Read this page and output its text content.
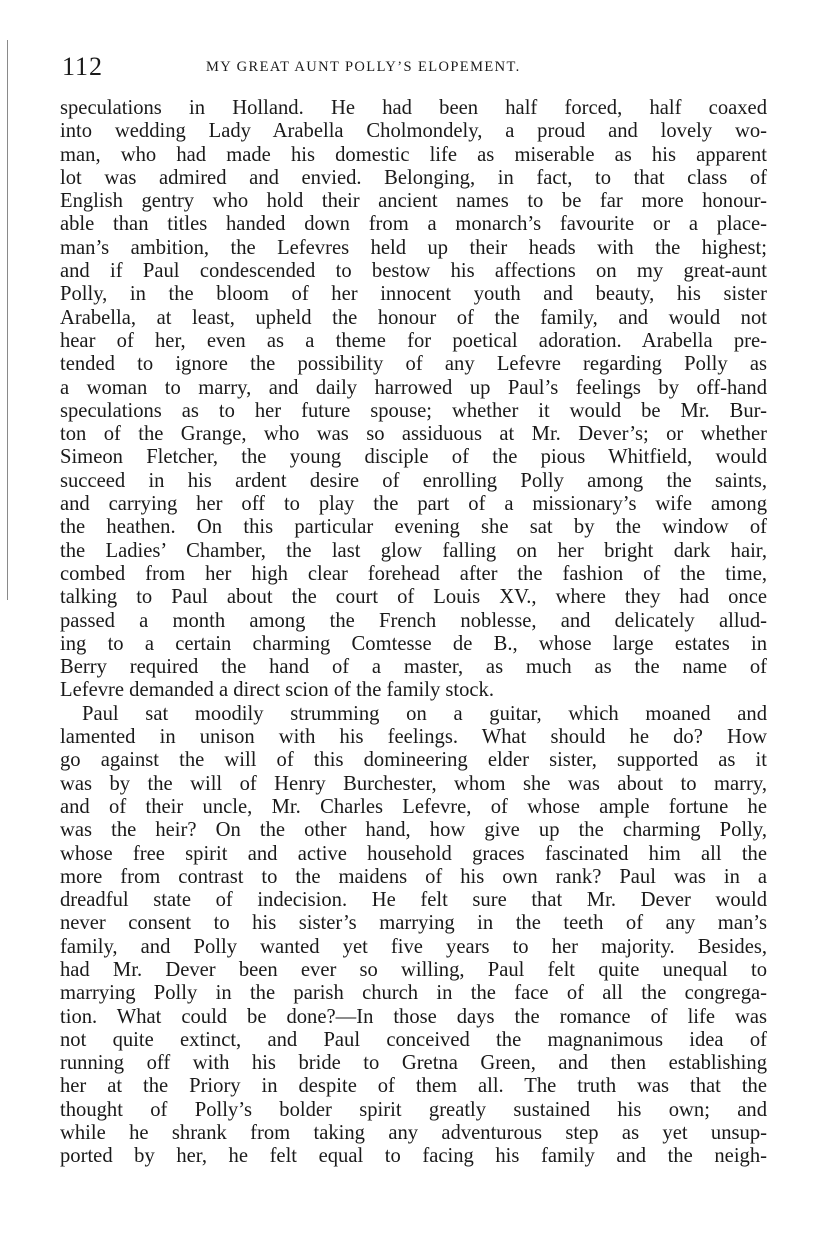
112	MY GREAT AUNT POLLY’S ELOPEMENT.
speculations in Holland. He had been half forced, half coaxed
into wedding Lady Arabella Cholmondely, a proud and lovely wo-
man, who had made his domestic life as miserable as his apparent
lot was admired and envied. Belonging, in fact, to that class of
English gentry who hold their ancient names to be far more honour-
able than titles handed down from a monarch’s favourite or a place-
man’s ambition, the Lefevres held up their heads with the highest;
and if Paul condescended to bestow his affections on my great-aunt
Polly, in the bloom of her innocent youth and beauty, his sister
Arabella, at least, upheld the honour of the family, and would not
hear of her, even as a theme for poetical adoration. Arabella pre-
tended to ignore the possibility of any Lefevre regarding Polly as
a woman to marry, and daily harrowed up Paul’s feelings by off-hand
speculations as to her future spouse; whether it would be Mr. Bur-
ton of the Grange, who was so assiduous at Mr. Dever’s; or whether
Simeon Fletcher, the young disciple of the pious Whitfield, would
succeed in his ardent desire of enrolling Polly among the saints,
and carrying her off to play the part of a missionary’s wife among
the heathen. On this particular evening she sat by the window of
the Ladies’ Chamber, the last glow falling on her bright dark hair,
combed from her high clear forehead after the fashion of the time,
talking to Paul about the court of Louis XV., where they had once
passed a month among the French noblesse, and delicately allud-
ing to a certain charming Comtesse de B., whose large estates in
Berry required the hand of a master, as much as the name of
Lefevre demanded a direct scion of the family stock.
Paul sat moodily strumming on a guitar, which moaned and
lamented in unison with his feelings. What should he do? How
go against the will of this domineering elder sister, supported as it
was by the will of Henry Burchester, whom she was about to marry,
and of their uncle, Mr. Charles Lefevre, of whose ample fortune he
was the heir? On the other hand, how give up the charming Polly,
whose free spirit and active household graces fascinated him all the
more from contrast to the maidens of his own rank? Paul was in a
dreadful state of indecision. He felt sure that Mr. Dever would
never consent to his sister’s marrying in the teeth of any man’s
family, and Polly wanted yet five years to her majority. Besides,
had Mr. Dever been ever so willing, Paul felt quite unequal to
marrying Polly in the parish church in the face of all the congrega-
tion. What could be done?—In those days the romance of life was
not quite extinct, and Paul conceived the magnanimous idea of
running off with his bride to Gretna Green, and then establishing
her at the Priory in despite of them all. The truth was that the
thought of Polly’s bolder spirit greatly sustained his own; and
while he shrank from taking any adventurous step as yet unsup-
ported by her, he felt equal to facing his family and the neigh-
